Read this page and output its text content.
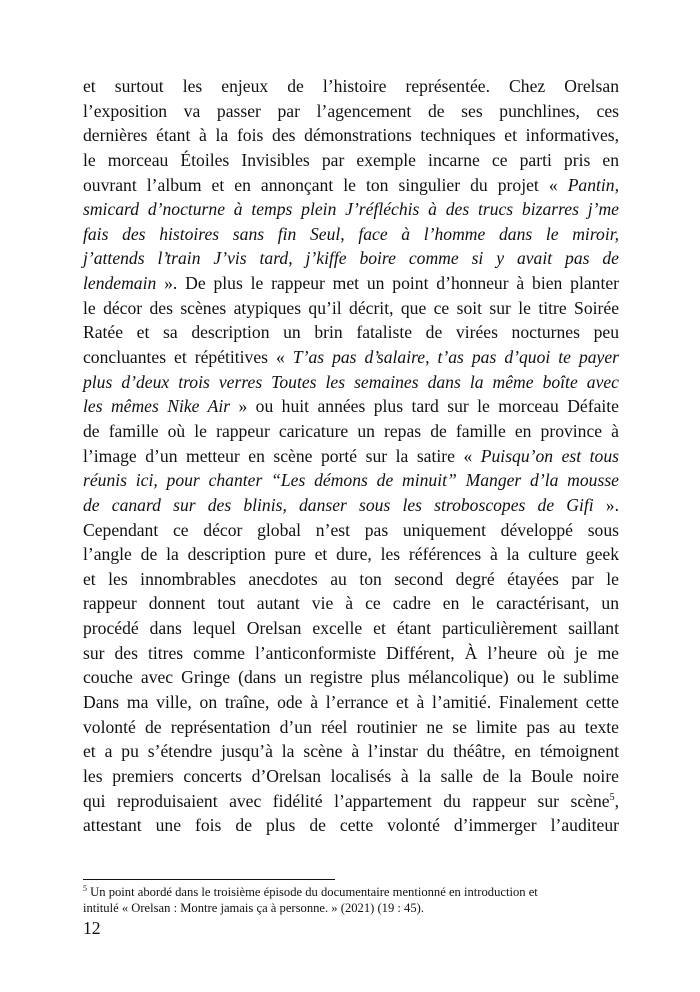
et surtout les enjeux de l’histoire représentée. Chez Orelsan
l’exposition va passer par l’agencement de ses punchlines, ces
dernières étant à la fois des démonstrations techniques et informatives,
le morceau Étoiles Invisibles par exemple incarne ce parti pris en
ouvrant l’album et en annonçant le ton singulier du projet « Pantin,
smicard d’nocturne à temps plein J’réfléchis à des trucs bizarres j’me
fais des histoires sans fin Seul, face à l’homme dans le miroir,
j’attends l’train J’vis tard, j’kiffe boire comme si y avait pas de
lendemain ». De plus le rappeur met un point d’honneur à bien planter
le décor des scènes atypiques qu’il décrit, que ce soit sur le titre Soirée
Ratée et sa description un brin fataliste de virées nocturnes peu
concluantes et répétitives « T’as pas d’salaire, t’as pas d’quoi te payer
plus d’deux trois verres Toutes les semaines dans la même boîte avec
les mêmes Nike Air » ou huit années plus tard sur le morceau Défaite
de famille où le rappeur caricature un repas de famille en province à
l’image d’un metteur en scène porté sur la satire « Puisqu’on est tous
réunis ici, pour chanter “Les démons de minuit” Manger d’la mousse
de canard sur des blinis, danser sous les stroboscopes de Gifi ».
Cependant ce décor global n’est pas uniquement développé sous
l’angle de la description pure et dure, les références à la culture geek
et les innombrables anecdotes au ton second degré étayées par le
rappeur donnent tout autant vie à ce cadre en le caractérisant, un
procédé dans lequel Orelsan excelle et étant particulièrement saillant
sur des titres comme l’anticonformiste Différent, À l’heure où je me
couche avec Gringe (dans un registre plus mélancolique) ou le sublime
Dans ma ville, on traîne, ode à l’errance et à l’amitié. Finalement cette
volonté de représentation d’un réel routinier ne se limite pas au texte
et a pu s’étendre jusqu’à la scène à l’instar du théâtre, en témoignent
les premiers concerts d’Orelsan localisés à la salle de la Boule noire
qui reproduisaient avec fidélité l’appartement du rappeur sur scène$^5$,
attestant une fois de plus de cette volonté d’immerger l’auditeur
$^5$ Un point abordé dans le troisième épisode du documentaire mentionné en introduction et
intitulé « Orelsan : Montre jamais ça à personne. » (2021) (19 : 45).
12
